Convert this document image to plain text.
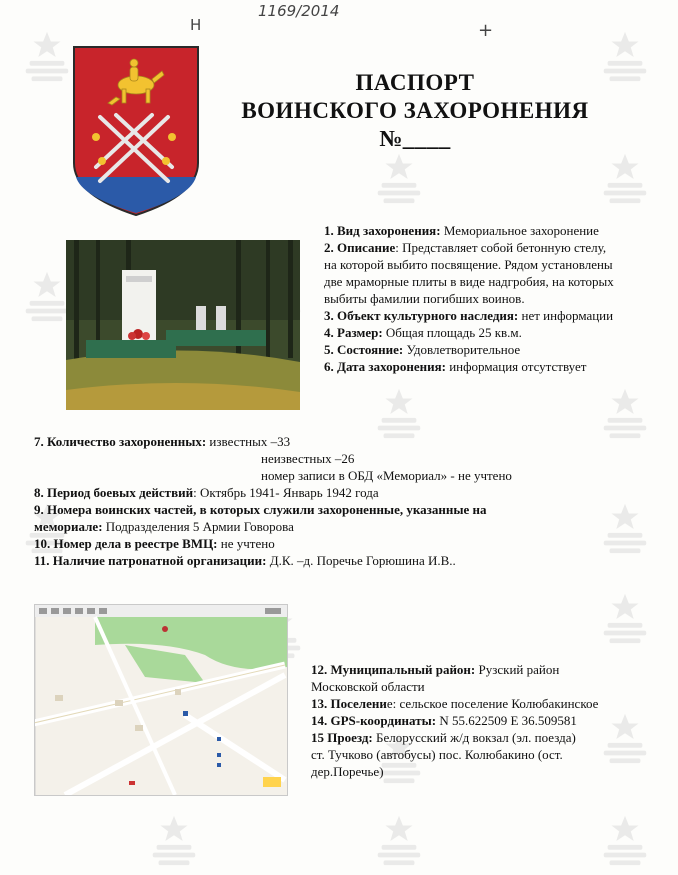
1169/2014
Н	+
ПАСПОРТ
ВОИНСКОГО ЗАХОРОНЕНИЯ
№____
1. Вид захоронения: Мемориальное захоронение
2. Описание: Представляет собой бетонную стелу,
на которой выбито посвящение. Рядом установлены
две мраморные плиты в виде надгробия, на которых
выбиты фамилии погибших воинов.
3. Объект культурного наследия: нет информации
4. Размер: Общая площадь 25 кв.м.
5. Состояние: Удовлетворительное
6. Дата захоронения: информация отсутствует
7. Количество захороненных: известных –33
неизвестных –26
номер записи в ОБД «Мемориал» - не учтено
8. Период боевых действий: Октябрь 1941- Январь 1942 года
9. Номера воинских частей, в которых служили захороненные, указанные на
мемориале: Подразделения 5 Армии Говорова
10. Номер дела в реестре ВМЦ: не учтено
11. Наличие патронатной организации: Д.К. –д. Поречье Горюшина И.В..
12. Муниципальный район: Рузский район
Московской области
13. Поселение: сельское поселение Колюбакинское
14. GPS-координаты: N 55.622509 E 36.509581
15 Проезд: Белорусский ж/д вокзал (эл. поезда)
ст. Тучково (автобусы) пос. Колюбакино (ост.
дер.Поречье)
